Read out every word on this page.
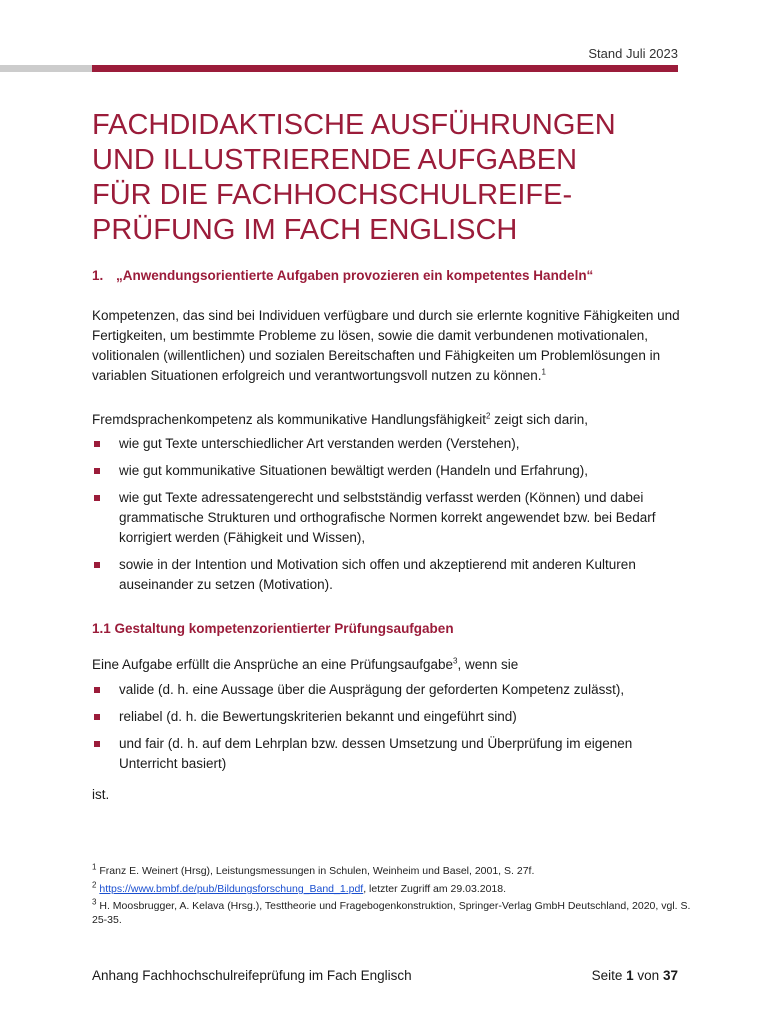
Stand Juli 2023
FACHDIDAKTISCHE AUSFÜHRUNGEN
UND ILLUSTRIERENDE AUFGABEN
FÜR DIE FACHHOCHSCHULREIFE-
PRÜFUNG IM FACH ENGLISCH
1. „Anwendungsorientierte Aufgaben provozieren ein kompetentes Handeln“

Kompetenzen, das sind bei Individuen verfügbare und durch sie erlernte kognitive Fähigkeiten und Fertigkeiten, um bestimmte Probleme zu lösen, sowie die damit verbundenen motivationalen, volitionalen (willentlichen) und sozialen Bereitschaften und Fähigkeiten um Problemlösungen in variablen Situationen erfolgreich und verantwortungsvoll nutzen zu können.$^1$

Fremdsprachenkompetenz als kommunikative Handlungsfähigkeit$^2$ zeigt sich darin,

wie gut Texte unterschiedlicher Art verstanden werden (Verstehen),
wie gut kommunikative Situationen bewältigt werden (Handeln und Erfahrung),
wie gut Texte adressatengerecht und selbstständig verfasst werden (Können) und dabei grammatische Strukturen und orthografische Normen korrekt angewendet bzw. bei Bedarf korrigiert werden (Fähigkeit und Wissen),
sowie in der Intention und Motivation sich offen und akzeptierend mit anderen Kulturen auseinander zu setzen (Motivation).
1.1 Gestaltung kompetenzorientierter Prüfungsaufgaben

Eine Aufgabe erfüllt die Ansprüche an eine Prüfungsaufgabe$^3$, wenn sie

valide (d. h. eine Aussage über die Ausprägung der geforderten Kompetenz zulässt),
reliabel (d. h. die Bewertungskriterien bekannt und eingeführt sind)
und fair (d. h. auf dem Lehrplan bzw. dessen Umsetzung und Überprüfung im eigenen Unterricht basiert)

ist.

$^1$ Franz E. Weinert (Hrsg), Leistungsmessungen in Schulen, Weinheim und Basel, 2001, S. 27f.
$^2$ https://www.bmbf.de/pub/Bildungsforschung_Band_1.pdf, letzter Zugriff am 29.03.2018.
$^3$ H. Moosbrugger, A. Kelava (Hrsg.), Testtheorie und Fragebogenkonstruktion, Springer-Verlag GmbH Deutschland, 2020, vgl. S. 25-35.
Anhang Fachhochschulreifeprüfung im Fach Englisch	Seite 1 von 37
